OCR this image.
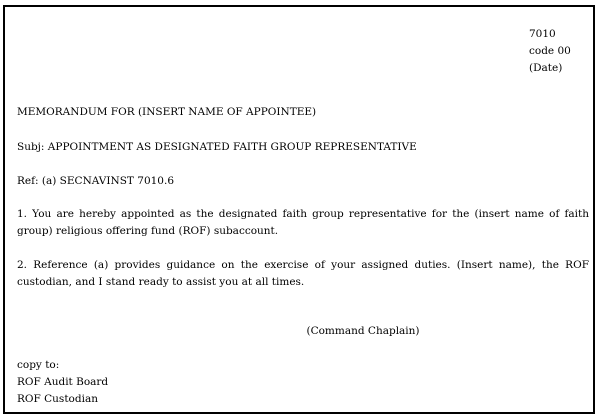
7010
code 00
(Date)
MEMORANDUM FOR (INSERT NAME OF APPOINTEE)
Subj: APPOINTMENT AS DESIGNATED FAITH GROUP REPRESENTATIVE
Ref: (a) SECNAVINST 7010.6
1. You are hereby appointed as the designated faith group representative for the (insert name of faith group) religious offering fund (ROF) subaccount.
2. Reference (a) provides guidance on the exercise of your assigned duties. (Insert name), the ROF custodian, and I stand ready to assist you at all times.
(Command Chaplain)
copy to:
ROF Audit Board
ROF Custodian
